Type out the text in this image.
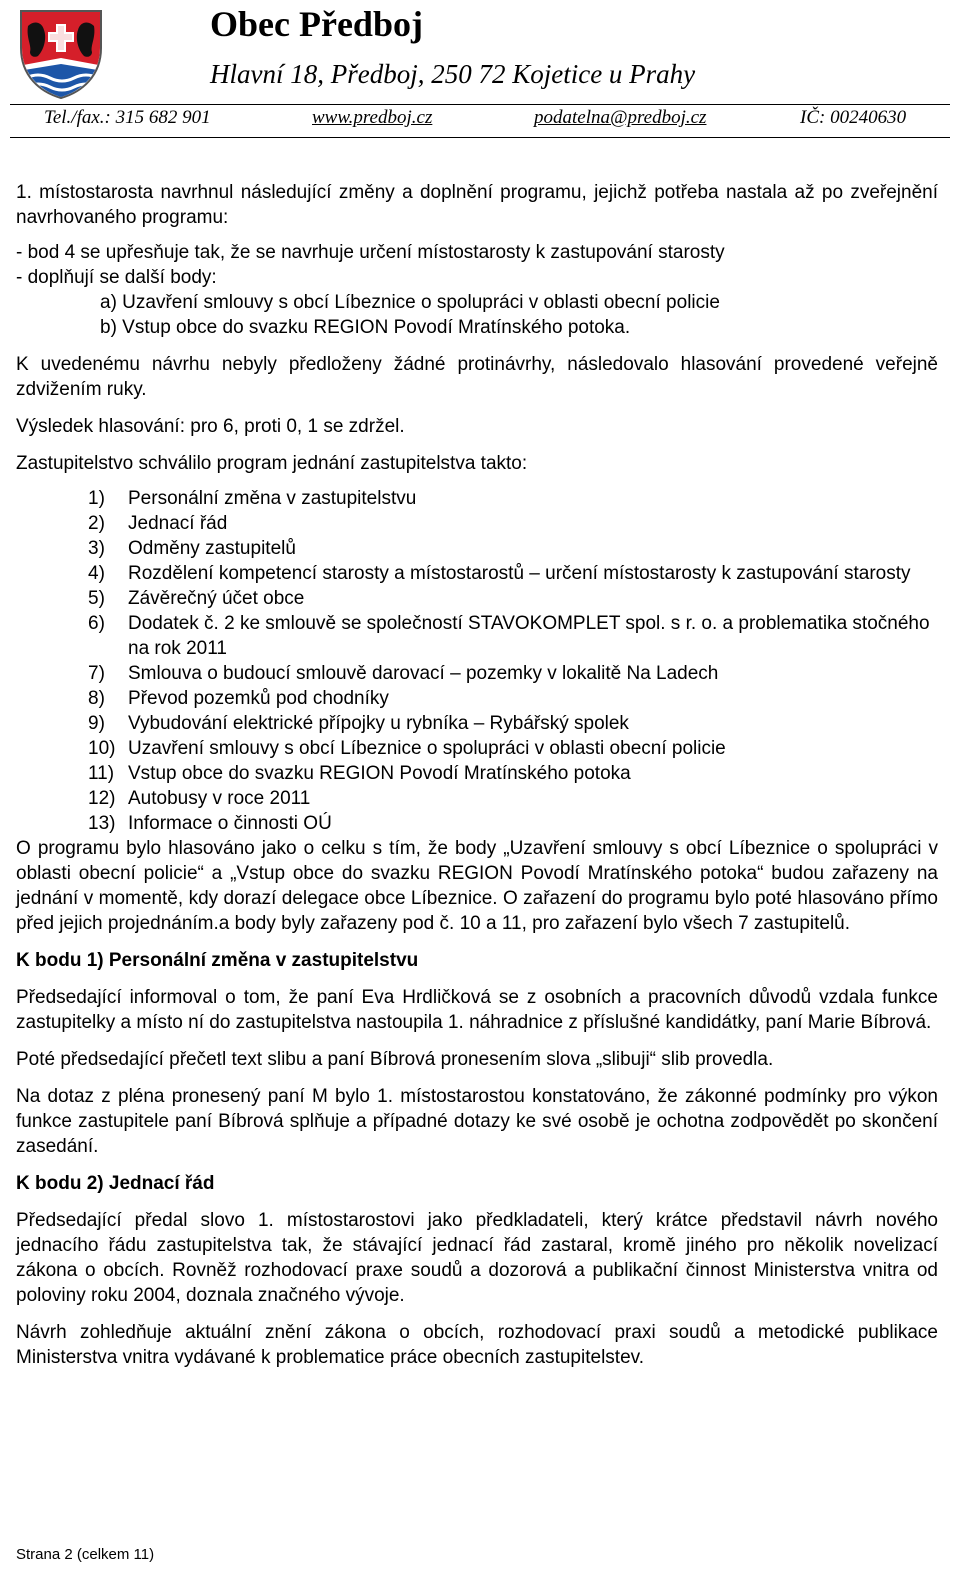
Obec Předboj
Hlavní 18, Předboj, 250 72 Kojetice u Prahy
Tel./fax.: 315 682 901	www.predboj.cz	podatelna@predboj.cz	IČ: 00240630

1. místostarosta navrhnul následující změny a doplnění programu, jejichž potřeba nastala až po zveřejnění navrhovaného programu:

- bod 4 se upřesňuje tak, že se navrhuje určení místostarosty k zastupování starosty

- doplňují se další body:

a) Uzavření smlouvy s obcí Líbeznice o spolupráci v oblasti obecní policie

b) Vstup obce do svazku REGION Povodí Mratínského potoka.

K uvedenému návrhu nebyly předloženy žádné protinávrhy, následovalo hlasování provedené veřejně zdvižením ruky.

Výsledek hlasování: pro 6, proti 0, 1 se zdržel.

Zastupitelstvo schválilo program jednání zastupitelstva takto:

1) Personální změna v zastupitelstvu
2) Jednací řád
3) Odměny zastupitelů
4) Rozdělení kompetencí starosty a místostarostů – určení místostarosty k zastupování starosty
5) Závěrečný účet obce
6) Dodatek č. 2 ke smlouvě se společností STAVOKOMPLET spol. s r. o. a problematika stočného na rok 2011
7) Smlouva o budoucí smlouvě darovací – pozemky v lokalitě Na Ladech
8) Převod pozemků pod chodníky
9) Vybudování elektrické přípojky u rybníka – Rybářský spolek
10) Uzavření smlouvy s obcí Líbeznice o spolupráci v oblasti obecní policie
11) Vstup obce do svazku REGION Povodí Mratínského potoka
12) Autobusy v roce 2011
13) Informace o činnosti OÚ

O programu bylo hlasováno jako o celku s tím, že body „Uzavření smlouvy s obcí Líbeznice o spolupráci v oblasti obecní policie“ a „Vstup obce do svazku REGION Povodí Mratínského potoka“ budou zařazeny na jednání v momentě, kdy dorazí delegace obce Líbeznice. O zařazení do programu bylo poté hlasováno přímo před jejich projednáním.a body byly zařazeny pod č. 10 a 11, pro zařazení bylo všech 7 zastupitelů.

K bodu 1) Personální změna v zastupitelstvu

Předsedající informoval o tom, že paní Eva Hrdličková se z osobních a pracovních důvodů vzdala funkce zastupitelky a místo ní do zastupitelstva nastoupila 1. náhradnice z příslušné kandidátky, paní Marie Bíbrová.

Poté předsedající přečetl text slibu a paní Bíbrová pronesením slova „slibuji“ slib provedla.

Na dotaz z pléna pronesený paní M bylo 1. místostarostou konstatováno, že zákonné podmínky pro výkon funkce zastupitele paní Bíbrová splňuje a případné dotazy ke své osobě je ochotna zodpovědět po skončení zasedání.

K bodu 2) Jednací řád

Předsedající předal slovo 1. místostarostovi jako předkladateli, který krátce představil návrh nového jednacího řádu zastupitelstva tak, že stávající jednací řád zastaral, kromě jiného pro několik novelizací zákona o obcích. Rovněž rozhodovací praxe soudů a dozorová a publikační činnost Ministerstva vnitra od poloviny roku 2004, doznala značného vývoje.

Návrh zohledňuje aktuální znění zákona o obcích, rozhodovací praxi soudů a metodické publikace Ministerstva vnitra vydávané k problematice práce obecních zastupitelstev.

Strana 2 (celkem 11)
